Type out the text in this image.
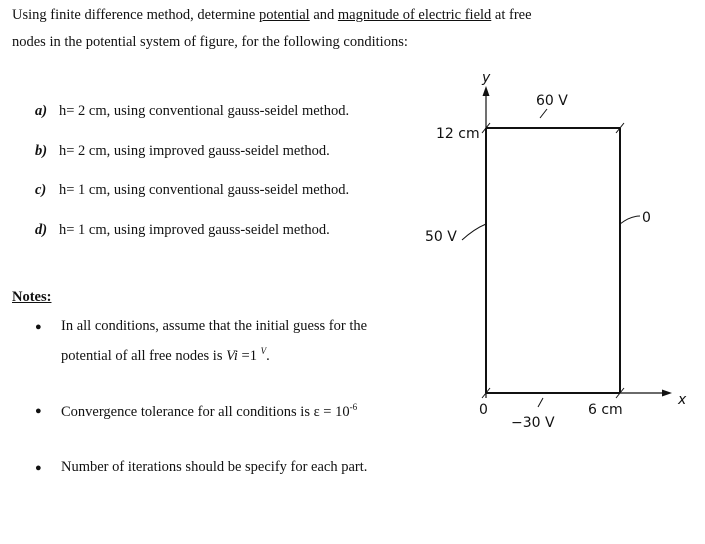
Using finite difference method, determine potential and magnitude of electric field at free
nodes in the potential system of figure, for the following conditions:
a) h= 2 cm, using conventional gauss-seidel method.
b) h= 2 cm, using improved gauss-seidel method.
c) h= 1 cm, using conventional gauss-seidel method.
d) h= 1 cm, using improved gauss-seidel method.
Notes:
● In all conditions, assume that the initial guess for the
potential of all free nodes is Vi =1 $^V$.
● Convergence tolerance for all conditions is $\varepsilon = 10^{-6}$
● Number of iterations should be specify for each part.
y
x
60 V
12 cm
50 V
0
0
−30 V
6 cm
